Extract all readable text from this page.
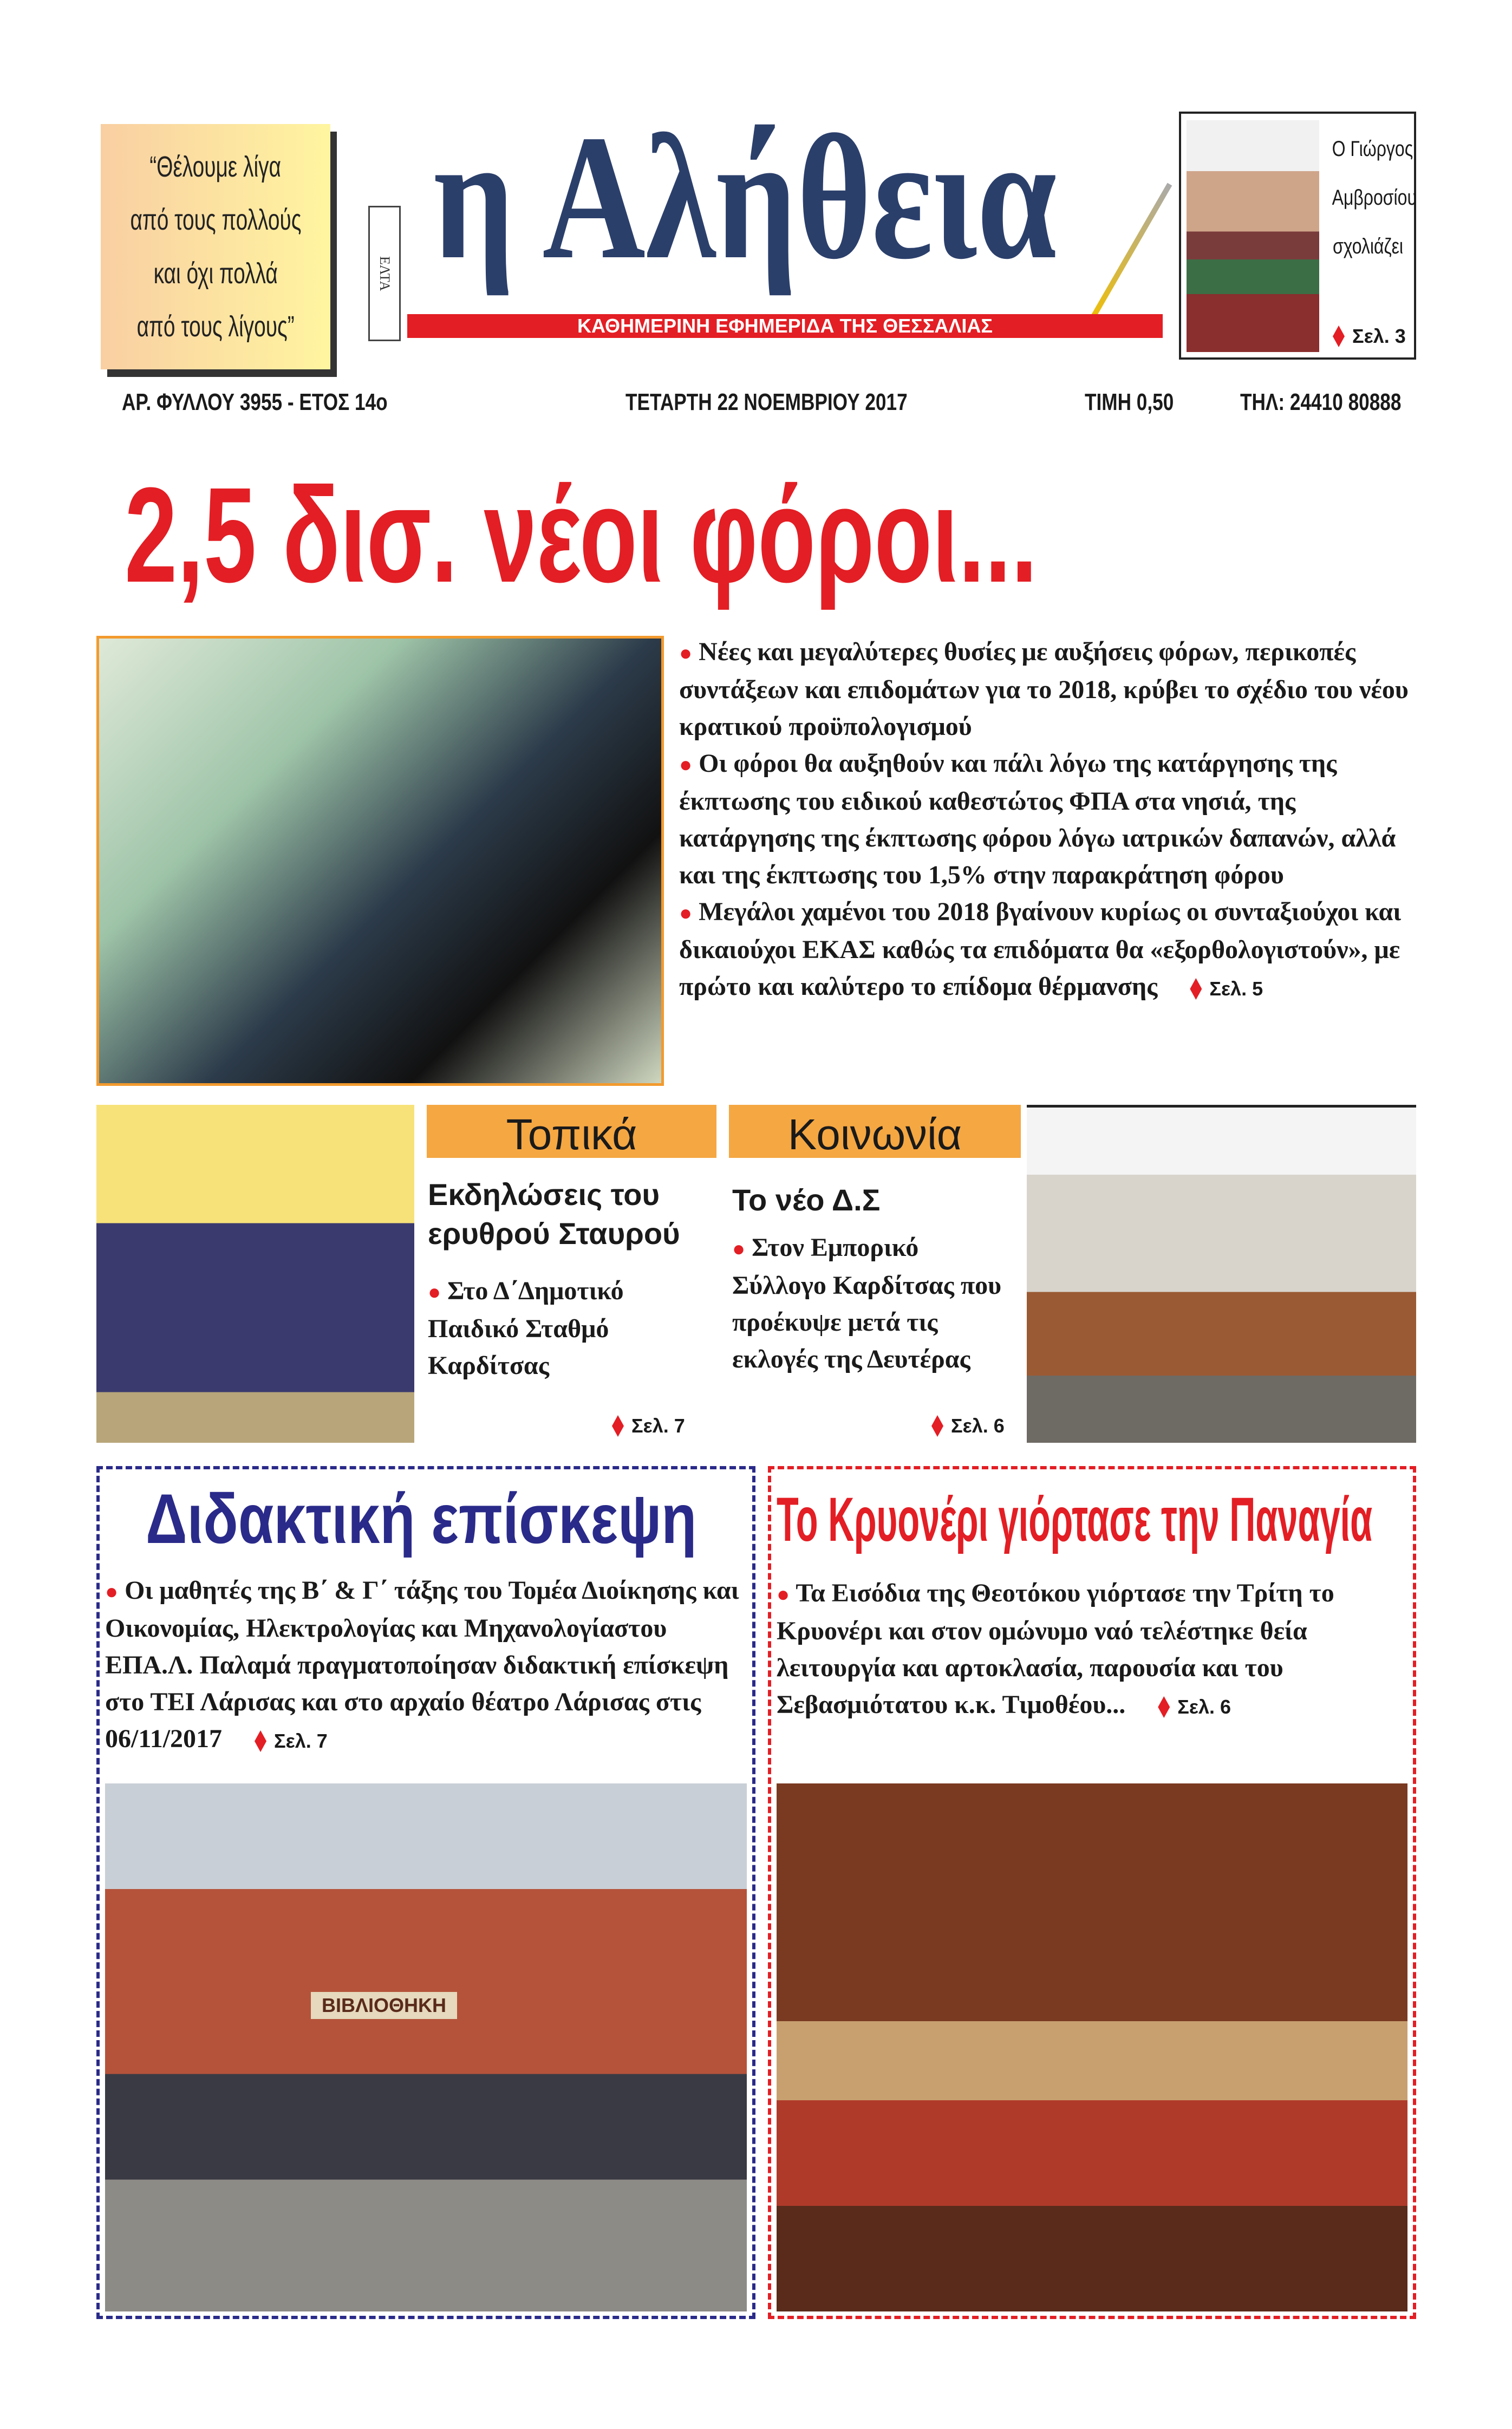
“Θέλουμε λίγα
από τους πολλούς
και όχι πολλά
από τους λίγους”
ΕΛΤΑ η Αλήθεια
ΚΑΘΗΜΕΡΙΝΗ ΕΦΗΜΕΡΙΔΑ ΤΗΣ ΘΕΣΣΑΛΙΑΣ
Ο Γιώργος
Αμβροσίου
σχολιάζει
Σελ. 3
ΑΡ. ΦΥΛΛΟΥ 3955 - ΕΤΟΣ 14ο	ΤΕΤΑΡΤΗ 22 ΝΟΕΜΒΡΙΟΥ 2017	ΤΙΜΗ 0,50	ΤΗΛ: 24410 80888
2,5 δισ. νέοι φόροι...
● Νέες και μεγαλύτερες θυσίες με αυξήσεις φόρων, περικοπές συντάξεων και επιδομάτων για το 2018, κρύβει το σχέδιο του νέου κρατικού προϋπολογισμού
● Οι φόροι θα αυξηθούν και πάλι λόγω της κατάργησης της έκπτωσης του ειδικού καθεστώτος ΦΠΑ στα νησιά, της κατάργησης της έκπτωσης φόρου λόγω ιατρικών δαπανών, αλλά και της έκπτωσης του 1,5% στην παρακράτηση φόρου
● Μεγάλοι χαμένοι του 2018 βγαίνουν κυρίως οι συνταξιούχοι και δικαιούχοι ΕΚΑΣ καθώς τα επιδόματα θα «εξορθολογιστούν», με πρώτο και καλύτερο το επίδομα θέρμανσης	Σελ. 5
Τοπικά
Εκδηλώσεις του
ερυθρού Σταυρού
● Στο Δ΄Δημοτικό Παιδικό Σταθμό Καρδίτσας
Σελ. 7
Κοινωνία
Το νέο Δ.Σ
● Στον Εμπορικό Σύλλογο Καρδίτσας που προέκυψε μετά τις εκλογές της Δευτέρας
Σελ. 6
Διδακτική επίσκεψη
● Οι μαθητές της Β΄ & Γ΄ τάξης του Τομέα Διοίκησης και Οικονομίας, Ηλεκτρολογίας και Μηχανολογίαστου ΕΠΑ.Λ. Παλαμά πραγματοποίησαν διδακτική επίσκεψη στο ΤΕΙ Λάρισας και στο αρχαίο θέατρο Λάρισας στις 06/11/2017	Σελ. 7
ΒΙΒΛΙΟΘΗΚΗ
Το Κρυονέρι γιόρτασε την Παναγία
● Τα Εισόδια της Θεοτόκου γιόρτασε την Τρίτη το Κρυονέρι και στον ομώνυμο ναό τελέστηκε θεία λειτουργία και αρτοκλασία, παρουσία και του Σεβασμιότατου κ.κ. Τιμοθέου...	Σελ. 6
